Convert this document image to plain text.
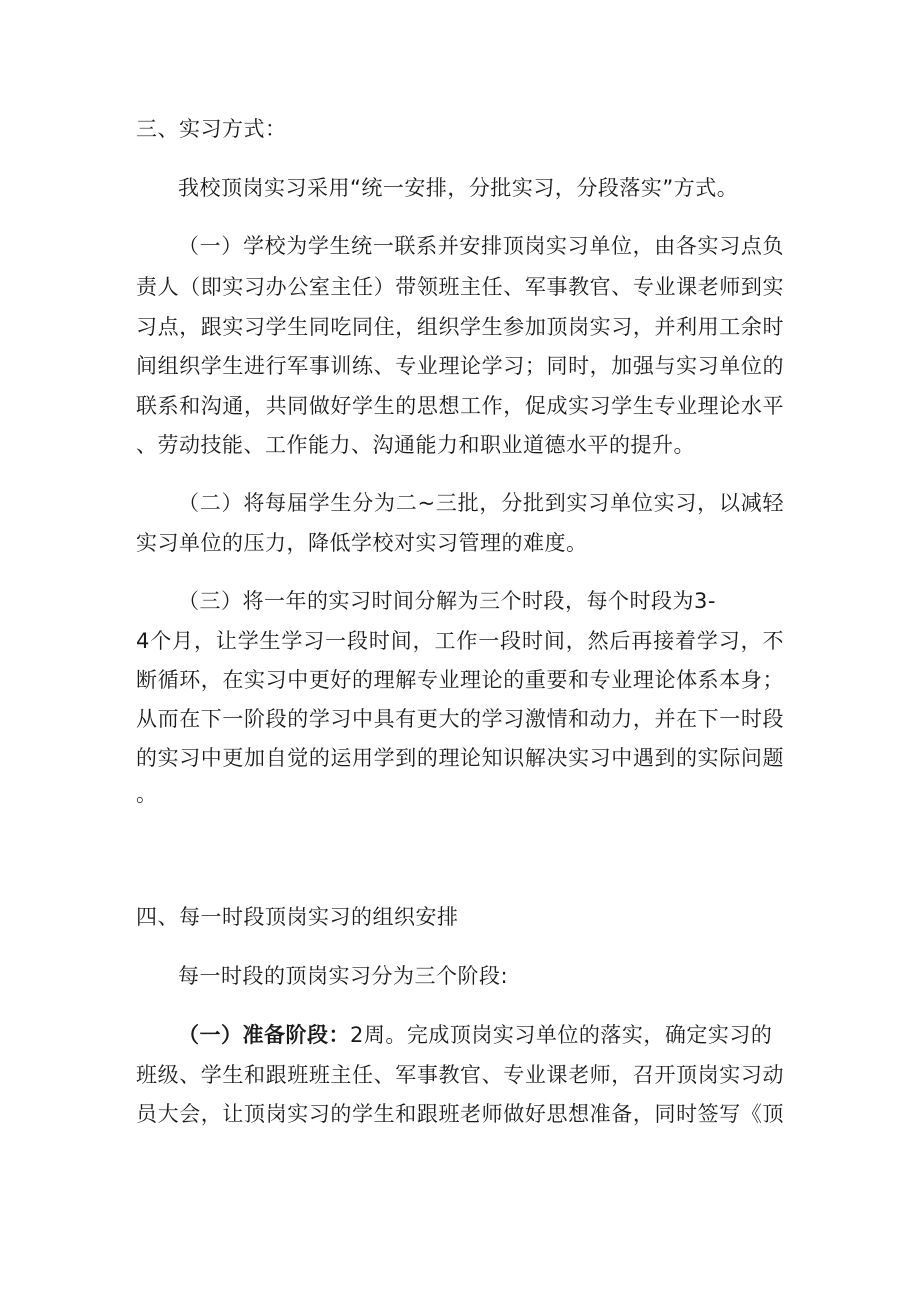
三、实习方式：
我校顶岗实习采用“统一安排，分批实习，分段落实”方式。
（一）学校为学生统一联系并安排顶岗实习单位，由各实习点负
责人（即实习办公室主任）带领班主任、军事教官、专业课老师到实
习点，跟实习学生同吃同住，组织学生参加顶岗实习，并利用工余时
间组织学生进行军事训练、专业理论学习；同时，加强与实习单位的
联系和沟通，共同做好学生的思想工作，促成实习学生专业理论水平
、劳动技能、工作能力、沟通能力和职业道德水平的提升。
（二）将每届学生分为二~三批，分批到实习单位实习，以减轻
实习单位的压力，降低学校对实习管理的难度。
（三）将一年的实习时间分解为三个时段，每个时段为3-
4个月，让学生学习一段时间，工作一段时间，然后再接着学习，不
断循环，在实习中更好的理解专业理论的重要和专业理论体系本身；
从而在下一阶段的学习中具有更大的学习激情和动力，并在下一时段
的实习中更加自觉的运用学到的理论知识解决实习中遇到的实际问题
。
四、每一时段顶岗实习的组织安排
每一时段的顶岗实习分为三个阶段:
（一）准备阶段：2周。完成顶岗实习单位的落实，确定实习的
班级、学生和跟班班主任、军事教官、专业课老师，召开顶岗实习动
员大会，让顶岗实习的学生和跟班老师做好思想准备，同时签写《顶
